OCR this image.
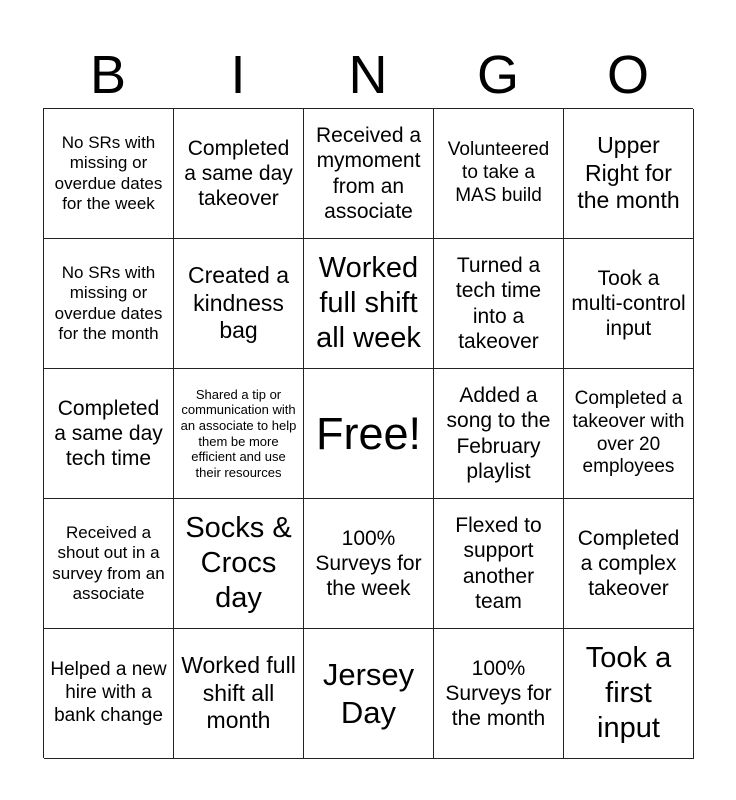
B	I	N	G	O
No SRs with missing or overdue dates for the week
Completed a same day takeover
Received a mymoment from an associate
Volunteered to take a MAS build
Upper Right for the month
No SRs with missing or overdue dates for the month
Created a kindness bag
Worked full shift all week
Turned a tech time into a takeover
Took a multi-control input
Completed a same day tech time
Shared a tip or communication with an associate to help them be more efficient and use their resources
Free!
Added a song to the February playlist
Completed a takeover with over 20 employees
Received a shout out in a survey from an associate
Socks & Crocs day
100% Surveys for the week
Flexed to support another team
Completed a complex takeover
Helped a new hire with a bank change
Worked full shift all month
Jersey Day
100% Surveys for the month
Took a first input
